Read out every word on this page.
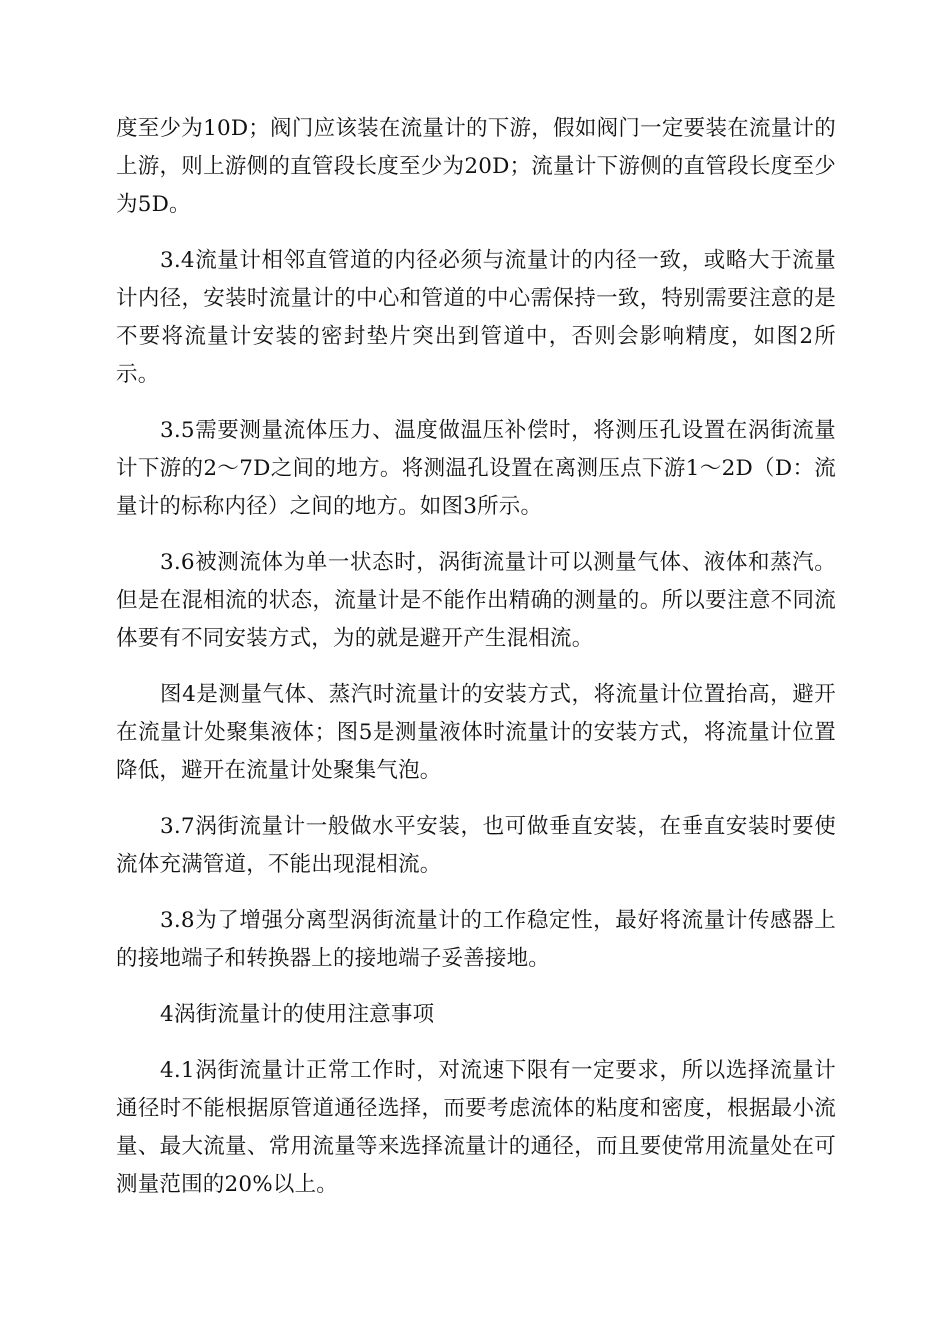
度至少为10D；阀门应该装在流量计的下游，假如阀门一定要装在流量计的上游，则上游侧的直管段长度至少为20D；流量计下游侧的直管段长度至少为5D。

3.4流量计相邻直管道的内径必须与流量计的内径一致，或略大于流量计内径，安装时流量计的中心和管道的中心需保持一致，特别需要注意的是不要将流量计安装的密封垫片突出到管道中，否则会影响精度，如图2所示。

3.5需要测量流体压力、温度做温压补偿时，将测压孔设置在涡街流量计下游的2～7D之间的地方。将测温孔设置在离测压点下游1～2D（D：流量计的标称内径）之间的地方。如图3所示。

3.6被测流体为单一状态时，涡街流量计可以测量气体、液体和蒸汽。但是在混相流的状态，流量计是不能作出精确的测量的。所以要注意不同流体要有不同安装方式，为的就是避开产生混相流。

图4是测量气体、蒸汽时流量计的安装方式，将流量计位置抬高，避开在流量计处聚集液体；图5是测量液体时流量计的安装方式，将流量计位置降低，避开在流量计处聚集气泡。

3.7涡街流量计一般做水平安装，也可做垂直安装，在垂直安装时要使流体充满管道，不能出现混相流。

3.8为了增强分离型涡街流量计的工作稳定性，最好将流量计传感器上的接地端子和转换器上的接地端子妥善接地。

4涡街流量计的使用注意事项

4.1涡街流量计正常工作时，对流速下限有一定要求，所以选择流量计通径时不能根据原管道通径选择，而要考虑流体的粘度和密度，根据最小流量、最大流量、常用流量等来选择流量计的通径，而且要使常用流量处在可测量范围的20%以上。
